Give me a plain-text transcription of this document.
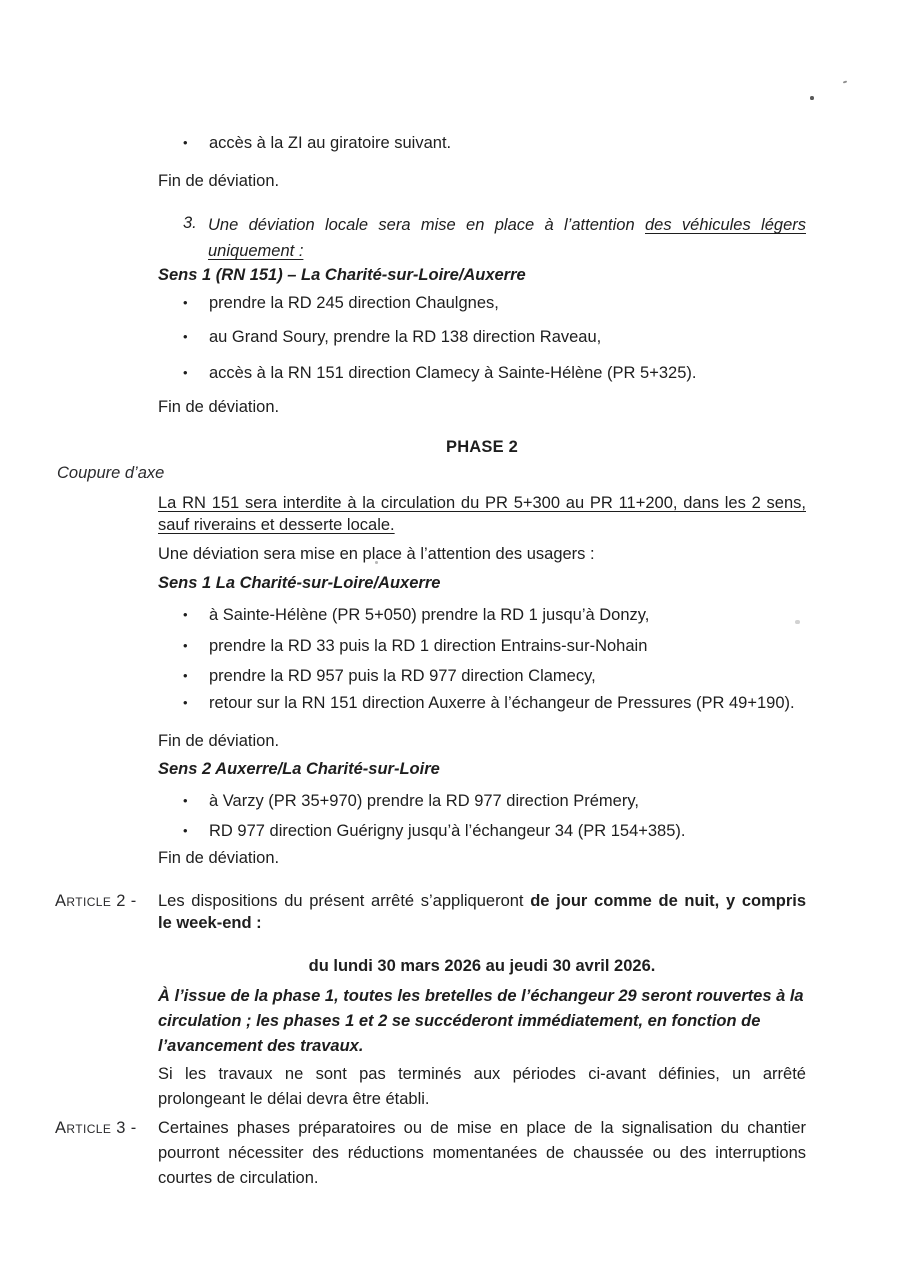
Coupure d’axe
•	accès à la ZI au giratoire suivant.
Fin de déviation.
3. Une déviation locale sera mise en place à l’attention des véhicules légers
uniquement :
Sens 1 (RN 151) – La Charité-sur-Loire/Auxerre
•	prendre la RD 245 direction Chaulgnes,
•	au Grand Soury, prendre la RD 138 direction Raveau,
•	accès à la RN 151 direction Clamecy à Sainte-Hélène (PR 5+325).
Fin de déviation.
PHASE 2
La RN 151 sera interdite à la circulation du PR 5+300 au PR 11+200, dans les 2 sens,
sauf riverains et desserte locale.
Une déviation sera mise en place à l’attention des usagers :
Sens 1 La Charité-sur-Loire/Auxerre
•	à Sainte-Hélène (PR 5+050) prendre la RD 1 jusqu’à Donzy,
•	prendre la RD 33 puis la RD 1 direction Entrains-sur-Nohain
•	prendre la RD 957 puis la RD 977 direction Clamecy,
•	retour sur la RN 151 direction Auxerre à l’échangeur de Pressures (PR 49+190).
Fin de déviation.
Sens 2 Auxerre/La Charité-sur-Loire
•	à Varzy (PR 35+970) prendre la RD 977 direction Prémery,
•	RD 977 direction Guérigny jusqu’à l’échangeur 34 (PR 154+385).
Fin de déviation.
Article 2 - Les dispositions du présent arrêté s’appliqueront de jour comme de nuit, y compris
le week-end :
du lundi 30 mars 2026 au jeudi 30 avril 2026.
À l’issue de la phase 1, toutes les bretelles de l’échangeur 29 seront rouvertes à la
circulation ; les phases 1 et 2 se succéderont immédiatement, en fonction de
l’avancement des travaux.
Si les travaux ne sont pas terminés aux périodes ci-avant définies, un arrêté
prolongeant le délai devra être établi.
Article 3 - Certaines phases préparatoires ou de mise en place de la signalisation du chantier
pourront nécessiter des réductions momentanées de chaussée ou des interruptions
courtes de circulation.
